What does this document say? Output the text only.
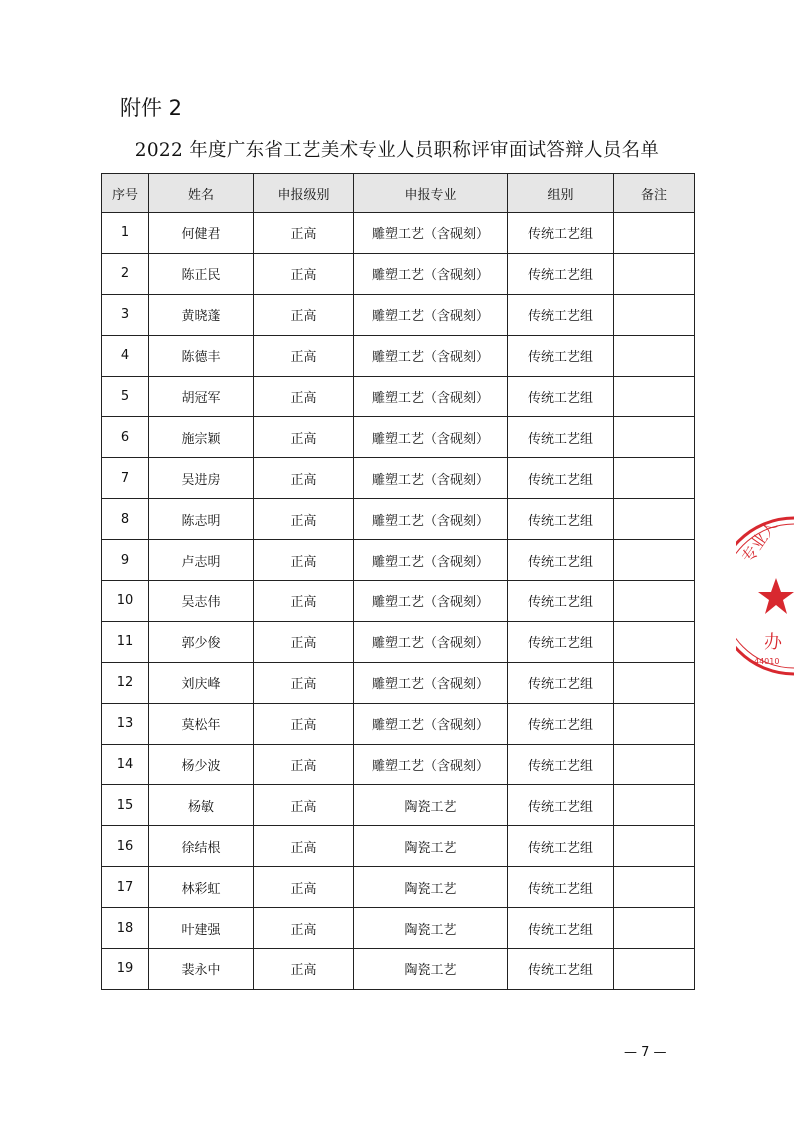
附件 2
2022 年度广东省工艺美术专业人员职称评审面试答辩人员名单
序号	姓名	申报级别	申报专业	组别	备注
1	何健君	正高	雕塑工艺（含砚刻）	传统工艺组	
2	陈正民	正高	雕塑工艺（含砚刻）	传统工艺组	
3	黄晓蓬	正高	雕塑工艺（含砚刻）	传统工艺组	
4	陈德丰	正高	雕塑工艺（含砚刻）	传统工艺组	
5	胡冠军	正高	雕塑工艺（含砚刻）	传统工艺组	
6	施宗颖	正高	雕塑工艺（含砚刻）	传统工艺组	
7	吴进房	正高	雕塑工艺（含砚刻）	传统工艺组	
8	陈志明	正高	雕塑工艺（含砚刻）	传统工艺组	
9	卢志明	正高	雕塑工艺（含砚刻）	传统工艺组	
10	吴志伟	正高	雕塑工艺（含砚刻）	传统工艺组	
11	郭少俊	正高	雕塑工艺（含砚刻）	传统工艺组	
12	刘庆峰	正高	雕塑工艺（含砚刻）	传统工艺组	
13	莫松年	正高	雕塑工艺（含砚刻）	传统工艺组	
14	杨少波	正高	雕塑工艺（含砚刻）	传统工艺组	
15	杨敏	正高	陶瓷工艺	传统工艺组	
16	徐结根	正高	陶瓷工艺	传统工艺组	
17	林彩虹	正高	陶瓷工艺	传统工艺组	
18	叶建强	正高	陶瓷工艺	传统工艺组	
19	裴永中	正高	陶瓷工艺	传统工艺组	
专业人
办
44010
— 7 —
